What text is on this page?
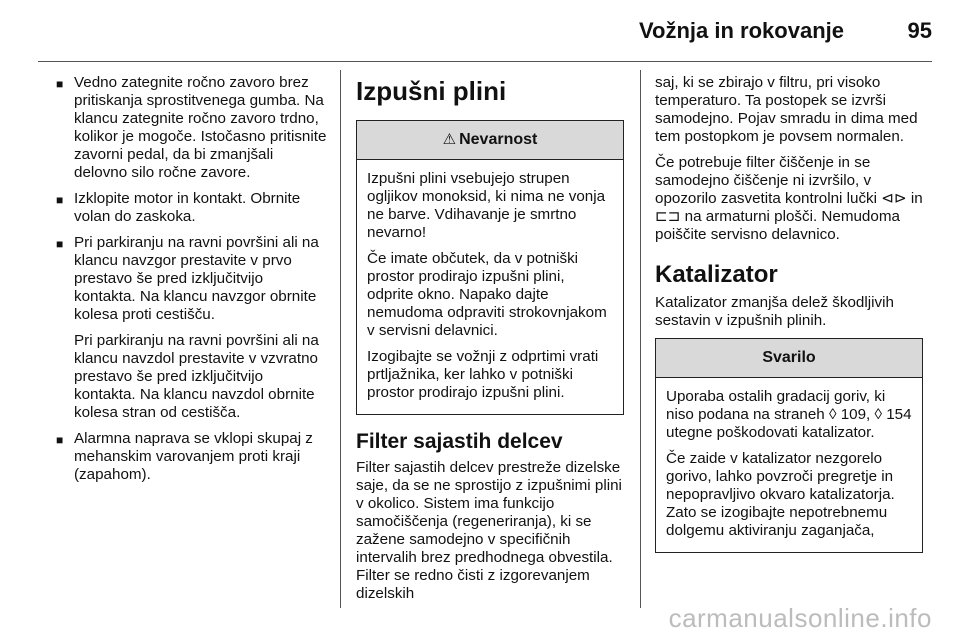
Vožnja in rokovanje	95
■ Vedno zategnite ročno zavoro brez pritiskanja sprostitvenega gumba. Na klancu zategnite ročno zavoro trdno, kolikor je mogoče. Istočasno pritisnite zavorni pedal, da bi zmanjšali delovno silo ročne zavore.

■ Izklopite motor in kontakt. Obrnite volan do zaskoka.

■ Pri parkiranju na ravni površini ali na klancu navzgor prestavite v prvo prestavo še pred izključitvijo kontakta. Na klancu navzgor obrnite kolesa proti cestišču.

Pri parkiranju na ravni površini ali na klancu navzdol prestavite v vzvratno prestavo še pred izključitvijo kontakta. Na klancu navzdol obrnite kolesa stran od cestišča.

■ Alarmna naprava se vklopi skupaj z mehanskim varovanjem proti kraji (zapahom).

Izpušni plini
⚠ Nevarnost

Izpušni plini vsebujejo strupen ogljikov monoksid, ki nima ne vonja ne barve. Vdihavanje je smrtno nevarno!

Če imate občutek, da v potniški prostor prodirajo izpušni plini, odprite okno. Napako dajte nemudoma odpraviti strokovnjakom v servisni delavnici.

Izogibajte se vožnji z odprtimi vrati prtljažnika, ker lahko v potniški prostor prodirajo izpušni plini.

Filter sajastih delcev

Filter sajastih delcev prestreže dizelske saje, da se ne sprostijo z izpušnimi plini v okolico. Sistem ima funkcijo samočiščenja (regeneriranja), ki se zažene samodejno v specifičnih intervalih brez predhodnega obvestila. Filter se redno čisti z izgorevanjem dizelskih

saj, ki se zbirajo v filtru, pri visoko temperaturo. Ta postopek se izvrši samodejno. Pojav smradu in dima med tem postopkom je povsem normalen.

Če potrebuje filter čiščenje in se samodejno čiščenje ni izvršilo, v opozorilo zasvetita kontrolni lučki ⊲⊳ in ⊏⊐ na armaturni plošči. Nemudoma poiščite servisno delavnico.

Katalizator

Katalizator zmanjša delež škodljivih sestavin v izpušnih plinih.

Svarilo

Uporaba ostalih gradacij goriv, ki niso podana na straneh ◊ 109, ◊ 154 utegne poškodovati katalizator.

Če zaide v katalizator nezgorelo gorivo, lahko povzroči pregretje in nepopravljivo okvaro katalizatorja. Zato se izogibajte nepotrebnemu dolgemu aktiviranju zaganjača,

carmanualsonline.info
